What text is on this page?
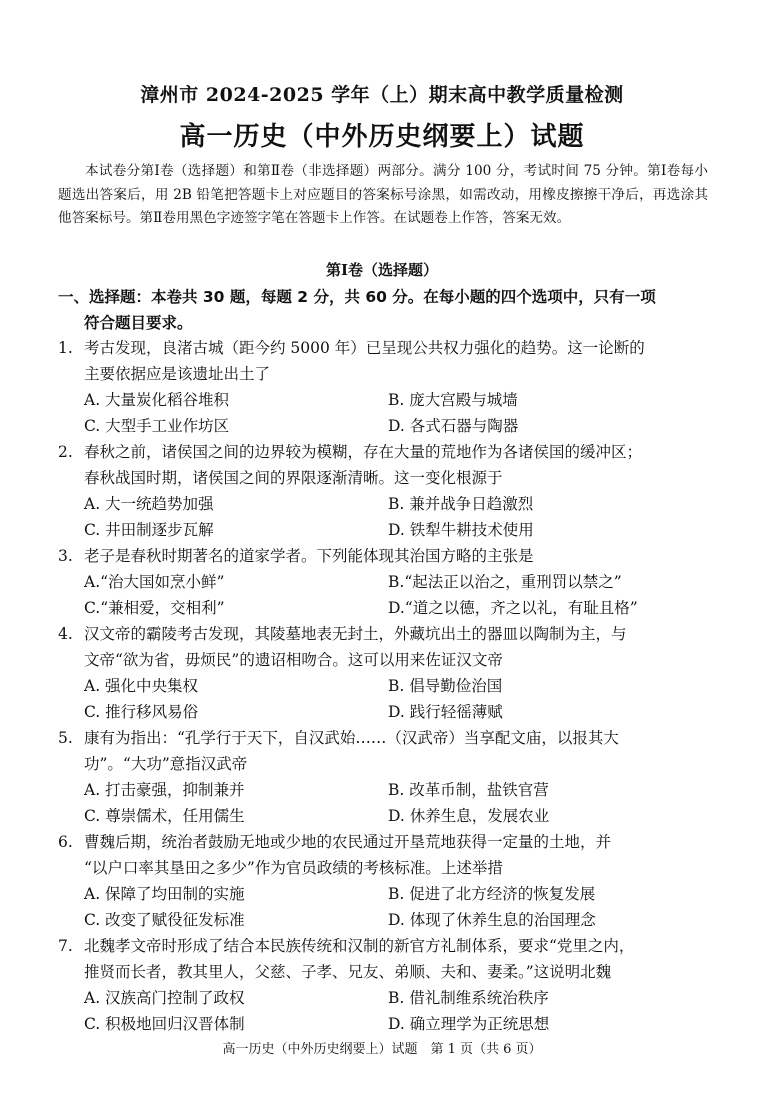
漳州市 2024-2025 学年（上）期末高中教学质量检测
高一历史（中外历史纲要上）试题
本试卷分第Ⅰ卷（选择题）和第Ⅱ卷（非选择题）两部分。满分 100 分，考试时间 75 分钟。第Ⅰ卷每小题选出答案后，用 2B 铅笔把答题卡上对应题目的答案标号涂黑，如需改动，用橡皮擦擦干净后，再选涂其他答案标号。第Ⅱ卷用黑色字迹签字笔在答题卡上作答。在试题卷上作答，答案无效。
第Ⅰ卷（选择题）
一、选择题：本卷共 30 题，每题 2 分，共 60 分。在每小题的四个选项中，只有一项
符合题目要求。
1. 考古发现，良渚古城（距今约 5000 年）已呈现公共权力强化的趋势。这一论断的
主要依据应是该遗址出土了
A. 大量炭化稻谷堆积	B. 庞大宫殿与城墙
C. 大型手工业作坊区	D. 各式石器与陶器
2. 春秋之前，诸侯国之间的边界较为模糊，存在大量的荒地作为各诸侯国的缓冲区；
春秋战国时期，诸侯国之间的界限逐渐清晰。这一变化根源于
A. 大一统趋势加强	B. 兼并战争日趋激烈
C. 井田制逐步瓦解	D. 铁犁牛耕技术使用
3. 老子是春秋时期著名的道家学者。下列能体现其治国方略的主张是
A.“治大国如烹小鲜”	B.“起法正以治之，重刑罚以禁之”
C.“兼相爱，交相利”	D.“道之以德，齐之以礼，有耻且格”
4. 汉文帝的霸陵考古发现，其陵墓地表无封土，外藏坑出土的器皿以陶制为主，与
文帝“欲为省，毋烦民”的遗诏相吻合。这可以用来佐证汉文帝
A. 强化中央集权	B. 倡导勤俭治国
C. 推行移风易俗	D. 践行轻徭薄赋
5. 康有为指出：“孔学行于天下，自汉武始……（汉武帝）当享配文庙，以报其大
功”。“大功”意指汉武帝
A. 打击豪强，抑制兼并	B. 改革币制，盐铁官营
C. 尊崇儒术，任用儒生	D. 休养生息，发展农业
6. 曹魏后期，统治者鼓励无地或少地的农民通过开垦荒地获得一定量的土地，并
“以户口率其垦田之多少”作为官员政绩的考核标准。上述举措
A. 保障了均田制的实施	B. 促进了北方经济的恢复发展
C. 改变了赋役征发标准	D. 体现了休养生息的治国理念
7. 北魏孝文帝时形成了结合本民族传统和汉制的新官方礼制体系，要求“党里之内，
推贤而长者，教其里人，父慈、子孝、兄友、弟顺、夫和、妻柔。”这说明北魏
A. 汉族高门控制了政权	B. 借礼制维系统治秩序
C. 积极地回归汉晋体制	D. 确立理学为正统思想
高一历史（中外历史纲要上）试题　第 1 页（共 6 页）
